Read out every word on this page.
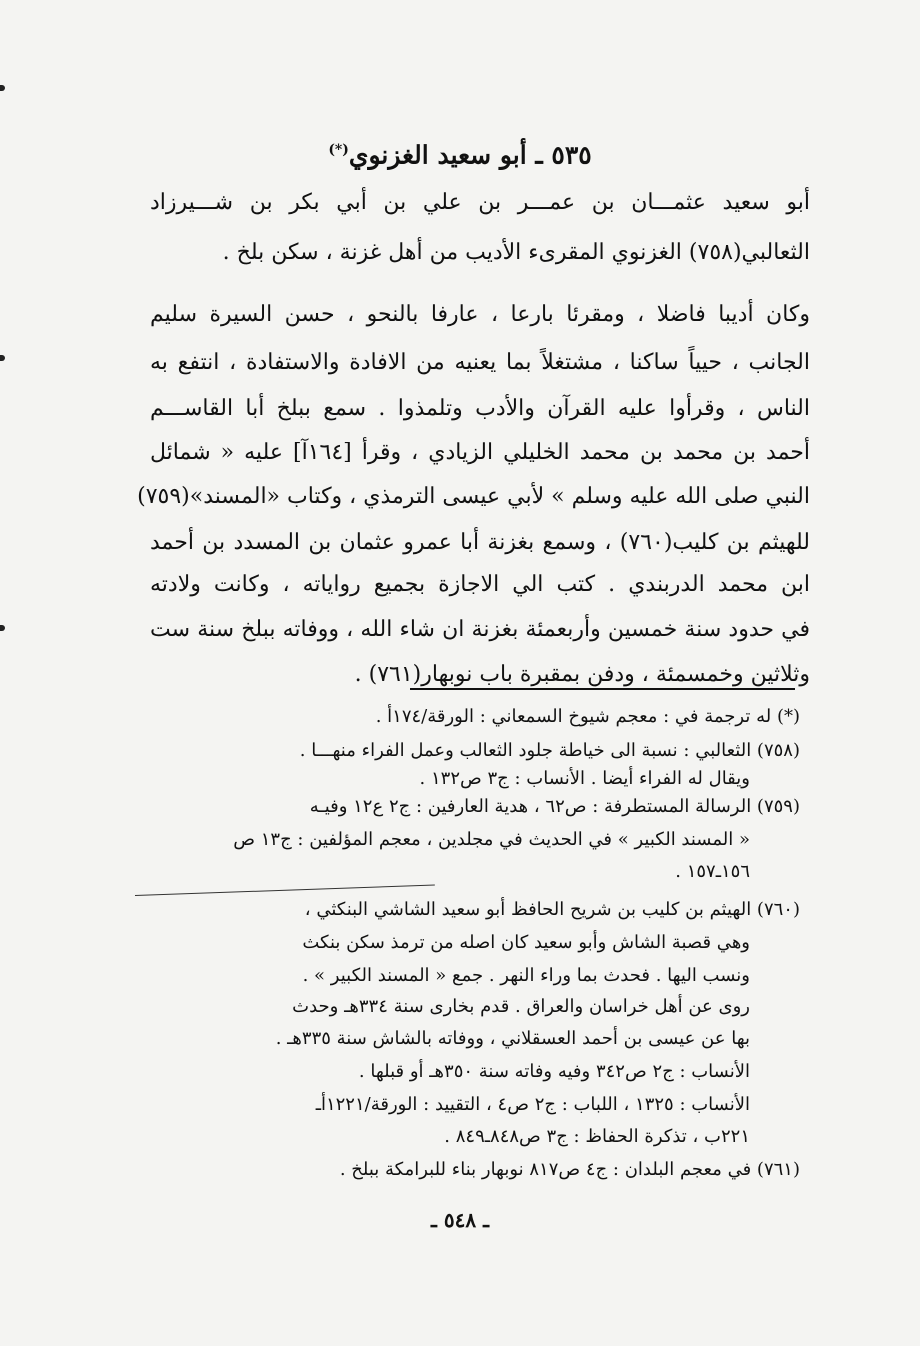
٥٣٥ ـ أبو سعيد الغزنوي(*)
أبو سعيد عثمـــان بن عمـــر بن علي بن أبي بكر بن شـــيرزاد
الثعالبي(٧٥٨) الغزنوي المقرىء الأديب من أهل غزنة ، سكن بلخ .
وكان أديبا فاضلا ، ومقرئا بارعا ، عارفا بالنحو ، حسن السيرة سليم
الجانب ، حيياً ساكنا ، مشتغلاً بما يعنيه من الافادة والاستفادة ، انتفع به
الناس ، وقرأوا عليه القرآن والأدب وتلمذوا . سمع ببلخ أبا القاســـم
أحمد بن محمد بن محمد الخليلي الزيادي ، وقرأ [١٦٤آ] عليه « شمائل
النبي صلى الله عليه وسلم » لأبي عيسى الترمذي ، وكتاب «المسند»(٧٥٩)
للهيثم بن كليب(٧٦٠) ، وسمع بغزنة أبا عمرو عثمان بن المسدد بن أحمد
ابن محمد الدربندي . كتب الي الاجازة بجميع رواياته ، وكانت ولادته
في حدود سنة خمسين وأربعمئة بغزنة ان شاء الله ، ووفاته ببلخ سنة ست
وثلاثين وخمسمئة ، ودفن بمقبرة باب نوبهار(٧٦١) .
(*) له ترجمة في : معجم شيوخ السمعاني : الورقة/١٧٤أ .
(٧٥٨) الثعالبي : نسبة الى خياطة جلود الثعالب وعمل الفراء منهـــا .
ويقال له الفراء أيضا . الأنساب : ج٣ ص١٣٢ .
(٧٥٩) الرسالة المستطرفة : ص٦٢ ، هدية العارفين : ج٢ ع١٢ وفيـه
« المسند الكبير » في الحديث في مجلدين ، معجم المؤلفين : ج١٣ ص
١٥٦ـ١٥٧ .
(٧٦٠) الهيثم بن كليب بن شريح الحافظ أبو سعيد الشاشي البنكثي ،
وهي قصبة الشاش وأبو سعيد كان اصله من ترمذ سكن بنكث
ونسب اليها . فحدث بما وراء النهر . جمع « المسند الكبير » .
روى عن أهل خراسان والعراق . قدم بخارى سنة ٣٣٤هـ وحدث
بها عن عيسى بن أحمد العسقلاني ، ووفاته بالشاش سنة ٣٣٥هـ .
الأنساب : ج٢ ص٣٤٢ وفيه وفاته سنة ٣٥٠هـ أو قبلها .
الأنساب : ١٣٢٥ ، اللباب : ج٢ ص٤ ، التقييد : الورقة/١٢٢١أـ
٢٢١ب ، تذكرة الحفاظ : ج٣ ص٨٤٨ـ٨٤٩ .
(٧٦١) في معجم البلدان : ج٤ ص٨١٧ نوبهار بناء للبرامكة ببلخ .
ـ ٥٤٨ ـ
